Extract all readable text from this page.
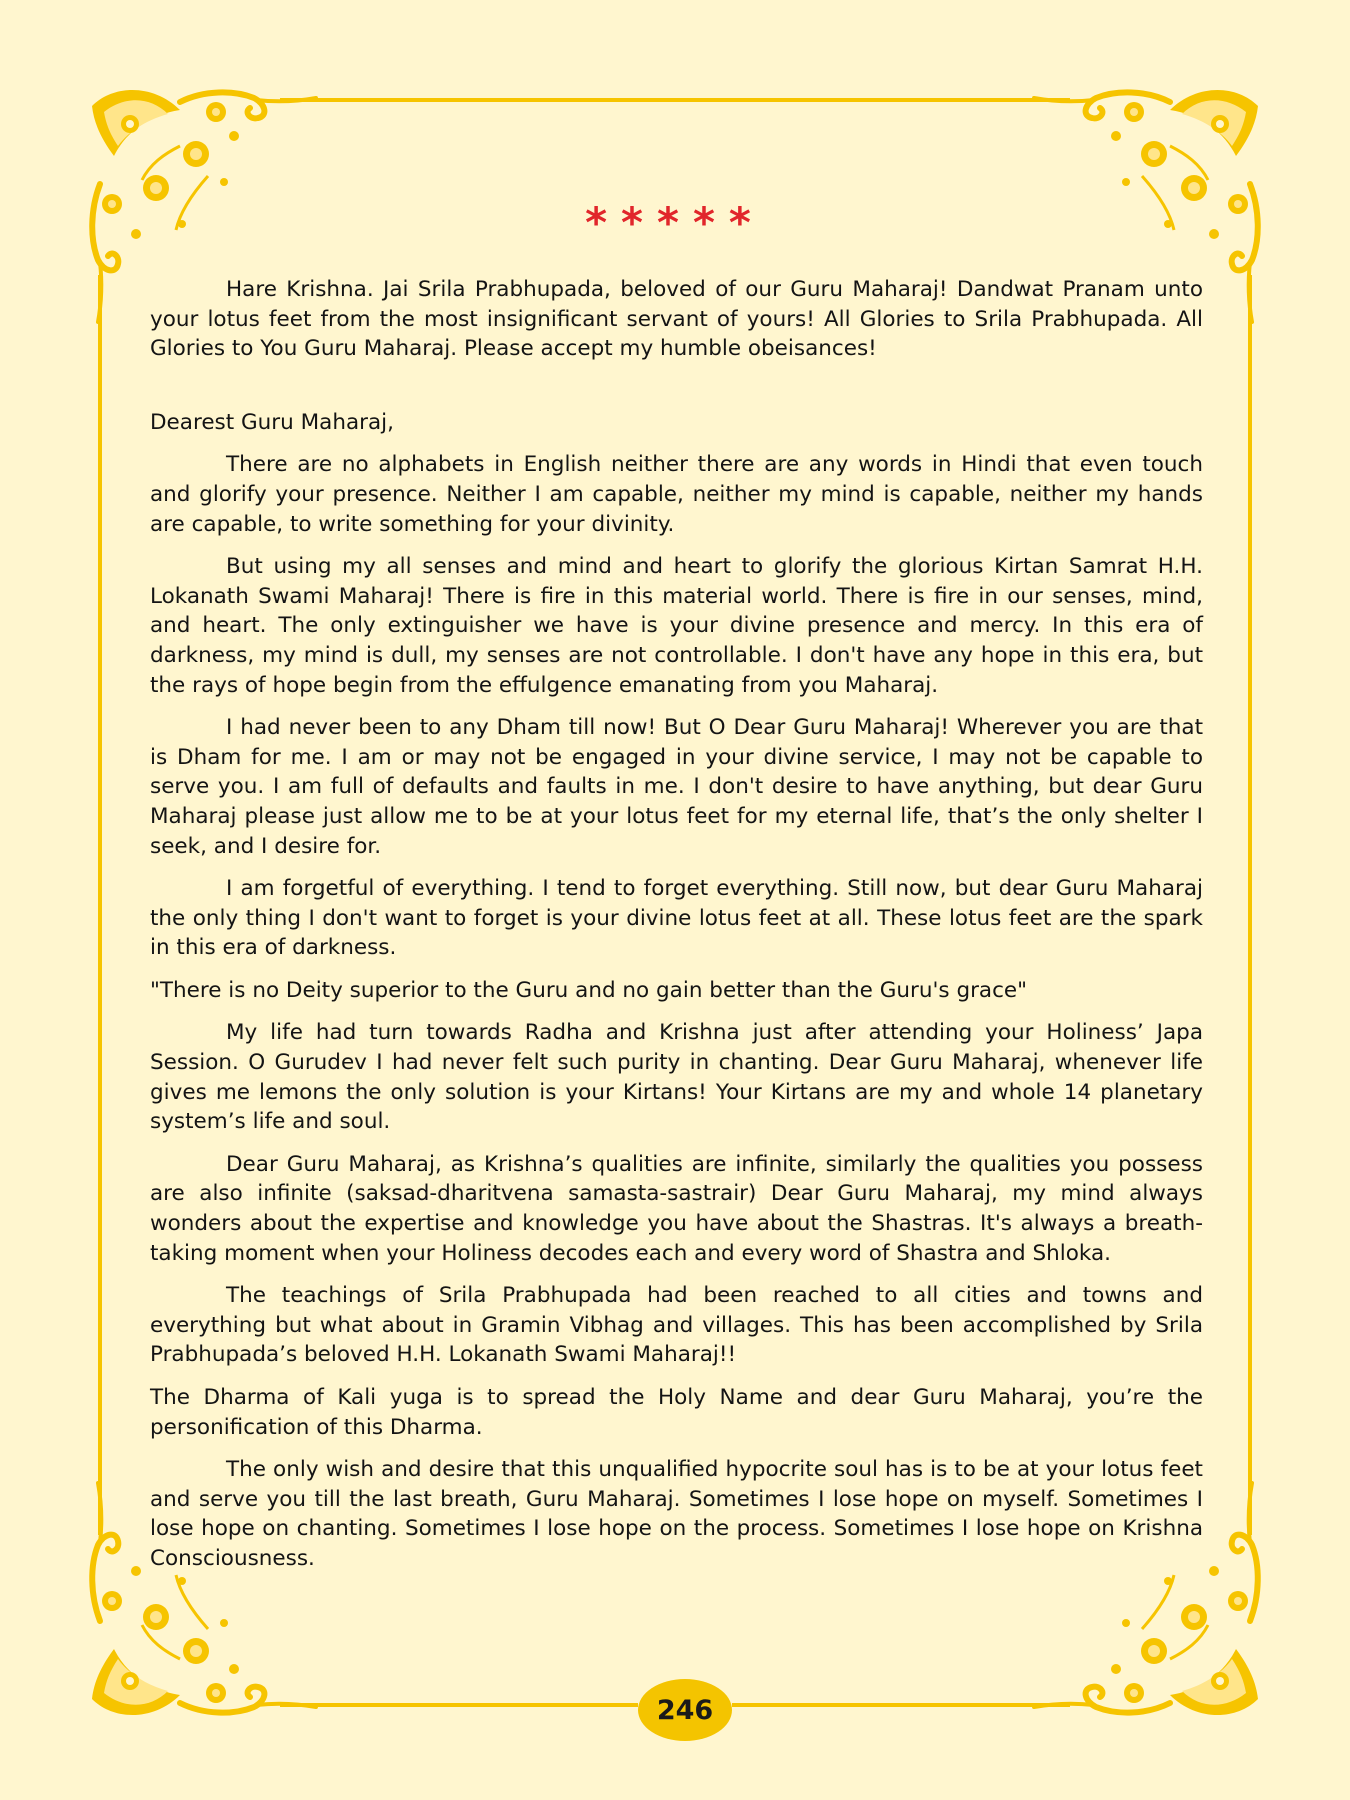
*****

Hare Krishna. Jai Srila Prabhupada, beloved of our Guru Maharaj! Dandwat Pranam unto your lotus feet from the most insignificant servant of yours! All Glories to Srila Prabhupada. All Glories to You Guru Maharaj. Please accept my humble obeisances!

Dearest Guru Maharaj,

There are no alphabets in English neither there are any words in Hindi that even touch and glorify your presence. Neither I am capable, neither my mind is capable, neither my hands are capable, to write something for your divinity.

But using my all senses and mind and heart to glorify the glorious Kirtan Samrat H.H. Lokanath Swami Maharaj! There is fire in this material world. There is fire in our senses, mind, and heart. The only extinguisher we have is your divine presence and mercy. In this era of darkness, my mind is dull, my senses are not controllable. I don't have any hope in this era, but the rays of hope begin from the effulgence emanating from you Maharaj.

I had never been to any Dham till now! But O Dear Guru Maharaj! Wherever you are that is Dham for me. I am or may not be engaged in your divine service, I may not be capable to serve you. I am full of defaults and faults in me. I don't desire to have anything, but dear Guru Maharaj please just allow me to be at your lotus feet for my eternal life, that’s the only shelter I seek, and I desire for.

I am forgetful of everything. I tend to forget everything. Still now, but dear Guru Maharaj the only thing I don't want to forget is your divine lotus feet at all. These lotus feet are the spark in this era of darkness.

"There is no Deity superior to the Guru and no gain better than the Guru's grace"

My life had turn towards Radha and Krishna just after attending your Holiness’ Japa Session. O Gurudev I had never felt such purity in chanting. Dear Guru Maharaj, whenever life gives me lemons the only solution is your Kirtans! Your Kirtans are my and whole 14 planetary system’s life and soul.

Dear Guru Maharaj, as Krishna’s qualities are infinite, similarly the qualities you possess are also infinite (saksad-dharitvena samasta-sastrair) Dear Guru Maharaj, my mind always wonders about the expertise and knowledge you have about the Shastras. It's always a breath-taking moment when your Holiness decodes each and every word of Shastra and Shloka.

The teachings of Srila Prabhupada had been reached to all cities and towns and everything but what about in Gramin Vibhag and villages. This has been accomplished by Srila Prabhupada’s beloved H.H. Lokanath Swami Maharaj!!

The Dharma of Kali yuga is to spread the Holy Name and dear Guru Maharaj, you’re the personification of this Dharma.

The only wish and desire that this unqualified hypocrite soul has is to be at your lotus feet and serve you till the last breath, Guru Maharaj. Sometimes I lose hope on myself. Sometimes I lose hope on chanting. Sometimes I lose hope on the process. Sometimes I lose hope on Krishna Consciousness.

246
